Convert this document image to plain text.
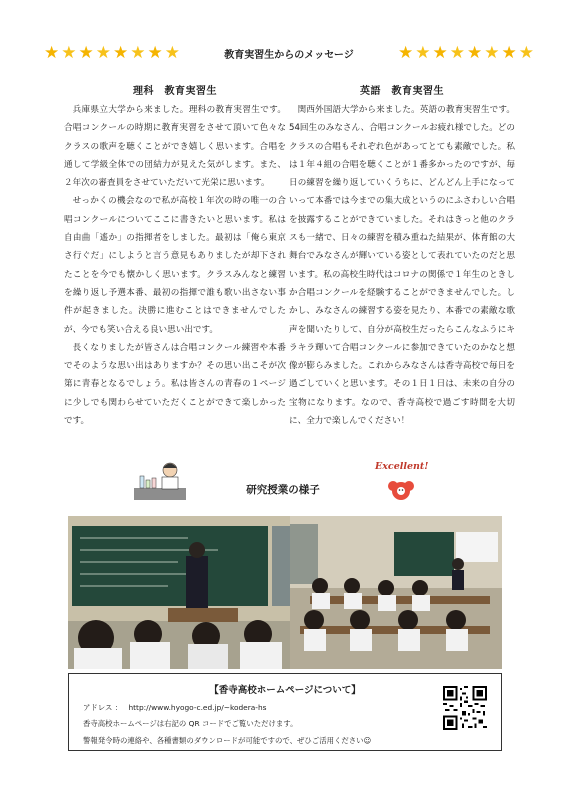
★ ★ ★ ★ ★ ★ ★ ★	教育実習生からのメッセージ	★ ★ ★ ★ ★ ★ ★ ★
理科　教育実習生

兵庫県立大学から来ました。理科の教育実習生です。合唱コンクールの時期に教育実習をさせて頂いて色々なクラスの歌声を聴くことができ嬉しく思います。合唱を通して学級全体での団結力が見えた気がします。また、２年次の審査員をさせていただいて光栄に思います。

せっかくの機会なので私が高校１年次の時の唯一の合唱コンクールについてここに書きたいと思います。私は自由曲「遙か」の指揮者をしました。最初は「俺ら東京さ行ぐだ」にしようと言う意見もありましたが却下されたことを今でも懐かしく思います。クラスみんなと練習を繰り返し予選本番、最初の指揮で誰も歌い出さない事件が起きました。決勝に進むことはできませんでしたが、今でも笑い合える良い思い出です。

長くなりましたが皆さんは合唱コンクール練習や本番でそのような思い出はありますか？その思い出こそが次第に青春となるでしょう。私は皆さんの青春の１ページに少しでも関わらせていただくことができて楽しかったです。

英語　教育実習生

関西外国語大学から来ました。英語の教育実習生です。54回生のみなさん、合唱コンクールお疲れ様でした。どのクラスの合唱もそれぞれ色があってとても素敵でした。私は１年４組の合唱を聴くことが１番多かったのですが、毎日の練習を繰り返していくうちに、どんどん上手になっていって本番では今までの集大成というのにふさわしい合唱を披露することができていました。それはきっと他のクラスも一緒で、日々の練習を積み重ねた結果が、体育館の大舞台でみなさんが輝いている姿として表れていたのだと思います。私の高校生時代はコロナの関係で１年生のときしか合唱コンクールを経験することができませんでした。しかし、みなさんの練習する姿を見たり、本番での素敵な歌声を聞いたりして、自分が高校生だったらこんなふうにキラキラ輝いて合唱コンクールに参加できていたのかなと想像が膨らみました。これからみなさんは香寺高校で毎日を過ごしていくと思います。その１日１日は、未来の自分の宝物になります。なので、香寺高校で過ごす時間を大切に、全力で楽しんでください！

Excellent!
研究授業の様子
【香寺高校ホームページについて】
アドレス ： http://www.hyogo-c.ed.jp/~kodera-hs
香寺高校ホームページは右記の QR コードでご覧いただけます。
警報発令時の連絡や、各種書類のダウンロードが可能ですので、ぜひご活用ください☺
